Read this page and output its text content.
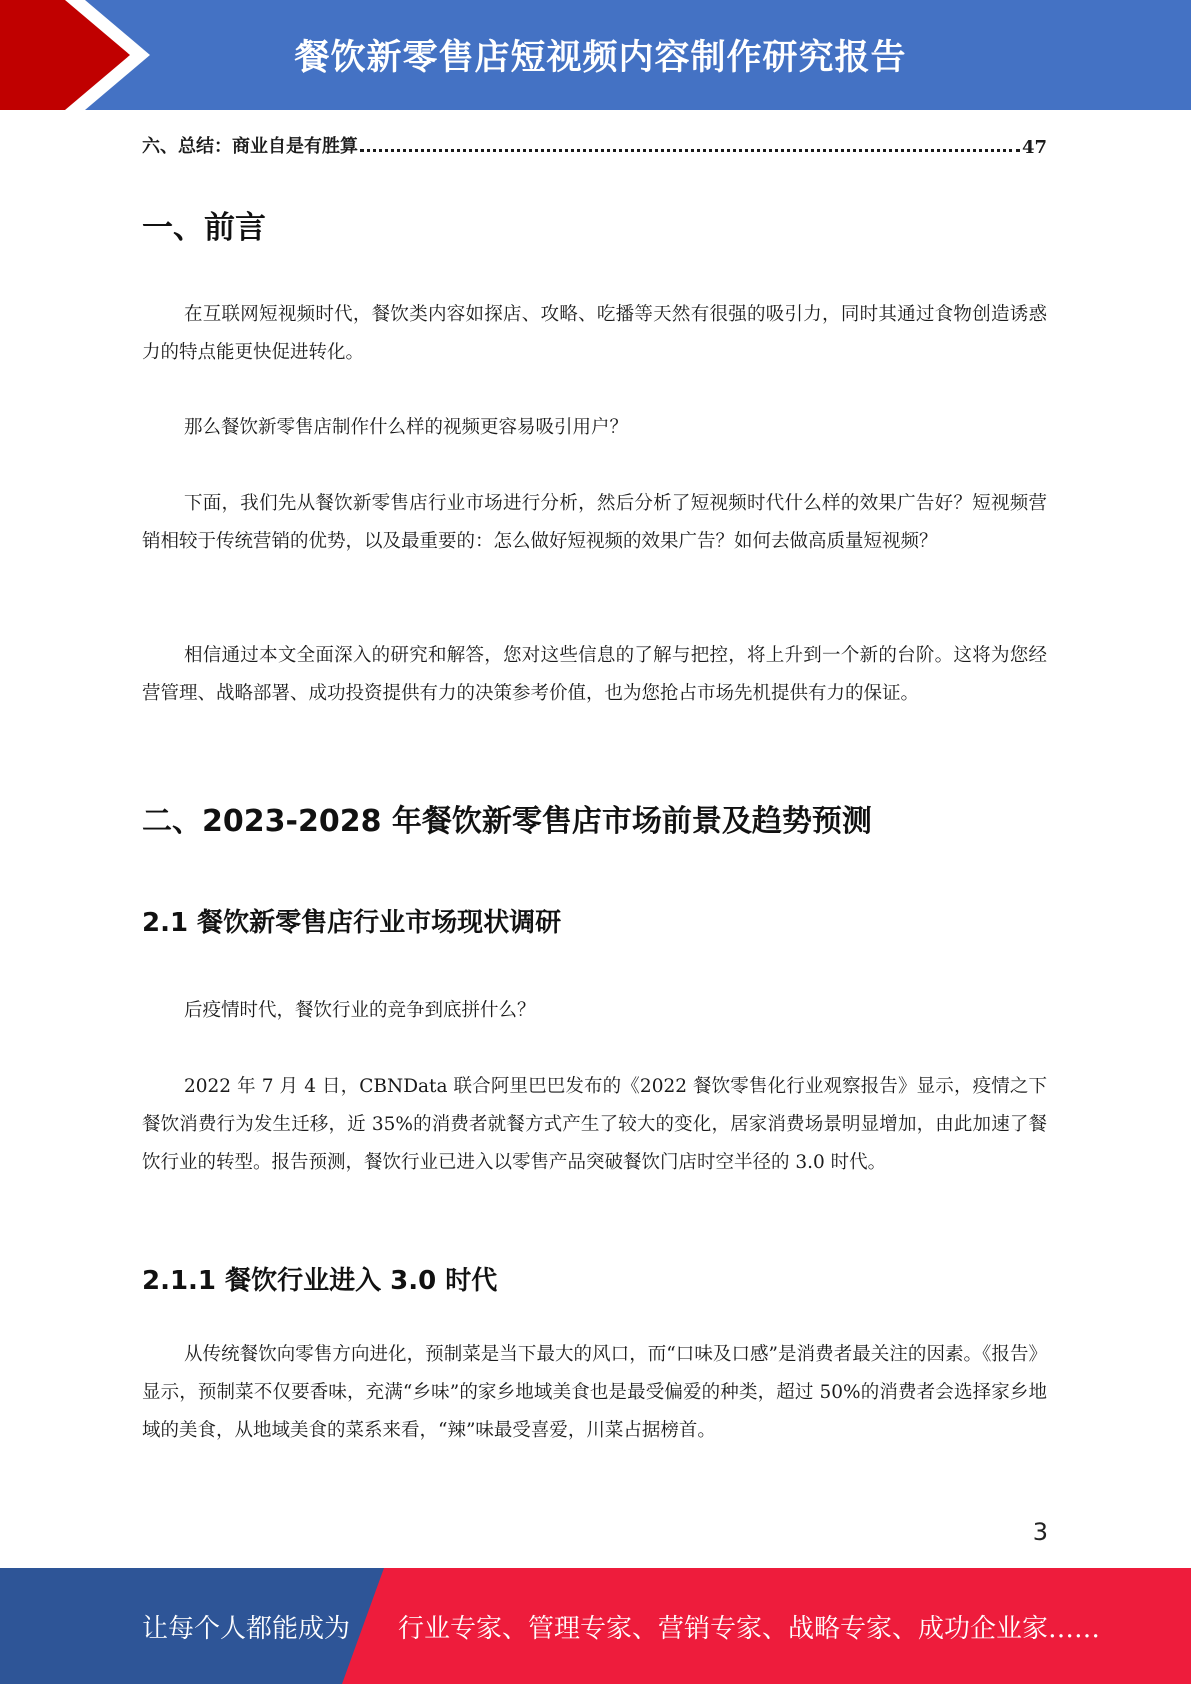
餐饮新零售店短视频内容制作研究报告
六、总结：商业自是有胜算	47
一、前言

在互联网短视频时代，餐饮类内容如探店、攻略、吃播等天然有很强的吸引力，同时其通过食物创造诱惑力的特点能更快促进转化。

那么餐饮新零售店制作什么样的视频更容易吸引用户？

下面，我们先从餐饮新零售店行业市场进行分析，然后分析了短视频时代什么样的效果广告好？短视频营销相较于传统营销的优势，以及最重要的：怎么做好短视频的效果广告？如何去做高质量短视频？

相信通过本文全面深入的研究和解答，您对这些信息的了解与把控，将上升到一个新的台阶。这将为您经营管理、战略部署、成功投资提供有力的决策参考价值，也为您抢占市场先机提供有力的保证。

二、2023-2028 年餐饮新零售店市场前景及趋势预测
2.1 餐饮新零售店行业市场现状调研

后疫情时代，餐饮行业的竞争到底拼什么？

2022 年 7 月 4 日，CBNData 联合阿里巴巴发布的《2022 餐饮零售化行业观察报告》显示，疫情之下餐饮消费行为发生迁移，近 35%的消费者就餐方式产生了较大的变化，居家消费场景明显增加，由此加速了餐饮行业的转型。报告预测，餐饮行业已进入以零售产品突破餐饮门店时空半径的 3.0 时代。

2.1.1 餐饮行业进入 3.0 时代

从传统餐饮向零售方向进化，预制菜是当下最大的风口，而“口味及口感”是消费者最关注的因素。《报告》显示，预制菜不仅要香味，充满“乡味”的家乡地域美食也是最受偏爱的种类，超过 50%的消费者会选择家乡地域的美食，从地域美食的菜系来看，“辣”味最受喜爱，川菜占据榜首。

3
让每个人都能成为 行业专家、管理专家、营销专家、战略专家、成功企业家……
